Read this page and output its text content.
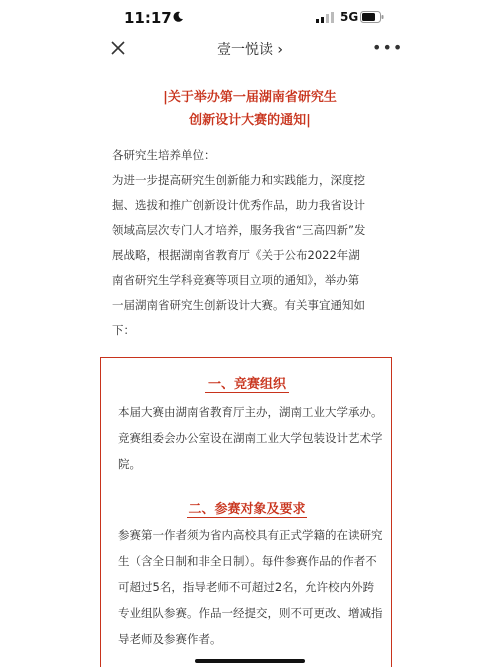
11:17	5G
壹一悦读 ›	•••
|关于举办第一届湖南省研究生
创新设计大赛的通知|
各研究生培养单位：
为进一步提高研究生创新能力和实践能力，深度挖
掘、选拔和推广创新设计优秀作品，助力我省设计
领域高层次专门人才培养，服务我省“三高四新”发
展战略，根据湖南省教育厅《关于公布2022年湖
南省研究生学科竞赛等项目立项的通知》，举办第
一届湖南省研究生创新设计大赛。有关事宜通知如
下：
一、竞赛组织
本届大赛由湖南省教育厅主办，湖南工业大学承办。
竞赛组委会办公室设在湖南工业大学包装设计艺术学
院。
二、参赛对象及要求
参赛第一作者须为省内高校具有正式学籍的在读研究
生（含全日制和非全日制）。每件参赛作品的作者不
可超过5名，指导老师不可超过2名，允许校内外跨
专业组队参赛。作品一经提交，则不可更改、增减指
导老师及参赛作者。
